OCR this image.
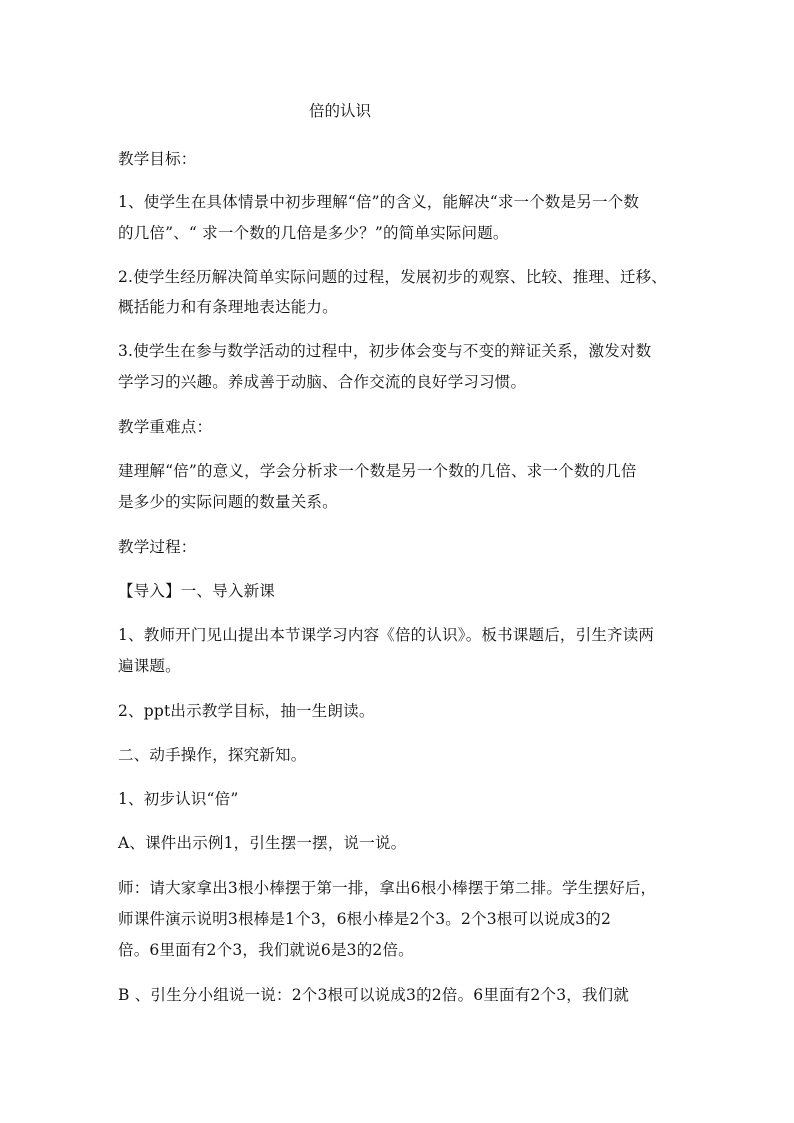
倍的认识
教学目标：
1、使学生在具体情景中初步理解“倍”的含义，能解决“求一个数是另一个数
的几倍”、“ 求一个数的几倍是多少？”的简单实际问题。
2.使学生经历解决简单实际问题的过程，发展初步的观察、比较、推理、迁移、
概括能力和有条理地表达能力。
3.使学生在参与数学活动的过程中，初步体会变与不变的辩证关系，激发对数
学学习的兴趣。养成善于动脑、合作交流的良好学习习惯。
教学重难点：
建理解“倍”的意义，学会分析求一个数是另一个数的几倍、求一个数的几倍
是多少的实际问题的数量关系。
教学过程：
【导入】一、导入新课
1、教师开门见山提出本节课学习内容《倍的认识》。板书课题后，引生齐读两
遍课题。
2、ppt出示教学目标，抽一生朗读。
二、动手操作，探究新知。
1、初步认识“倍”
A、课件出示例1，引生摆一摆，说一说。
师：请大家拿出3根小棒摆于第一排，拿出6根小棒摆于第二排。学生摆好后，
师课件演示说明3根棒是1个3，6根小棒是2个3。2个3根可以说成3的2
倍。6里面有2个3，我们就说6是3的2倍。
B 、引生分小组说一说：2个3根可以说成3的2倍。6里面有2个3，我们就
